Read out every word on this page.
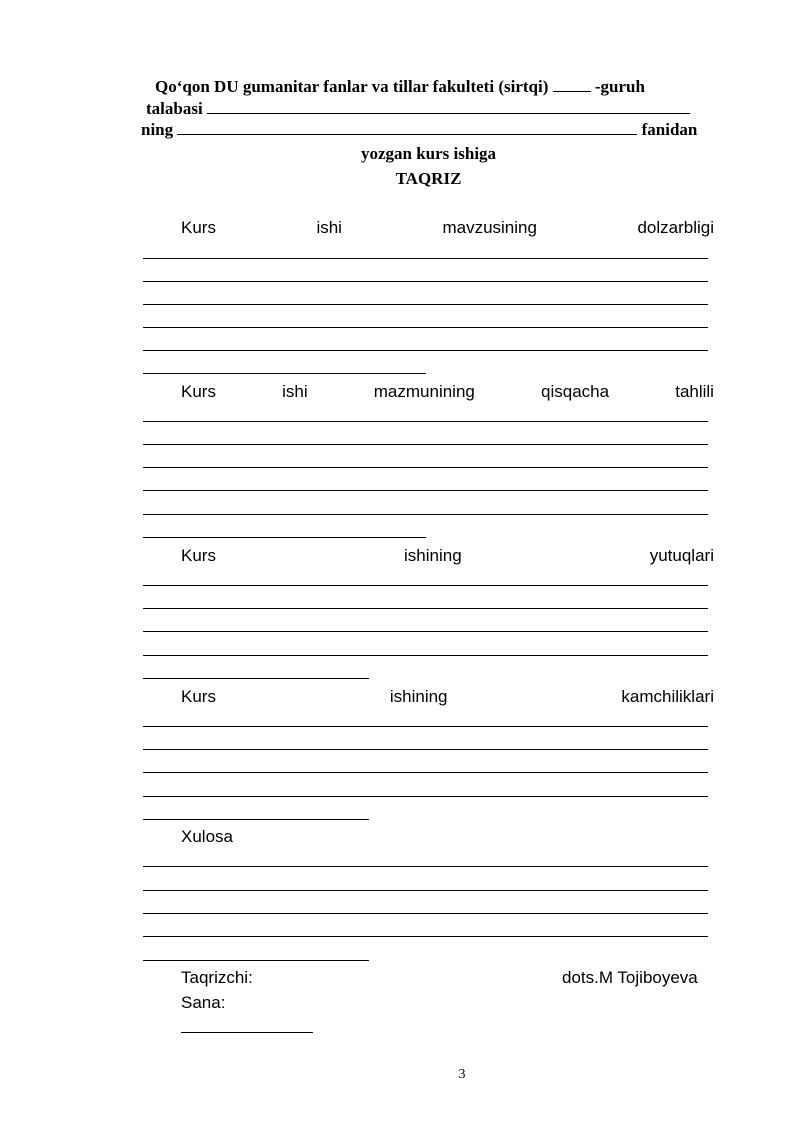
Qo‘qon DU gumanitar fanlar va tillar fakulteti (sirtqi)	-guruh
talabasi
ning	fanidan
yozgan kurs ishiga
TAQRIZ
Kurs	ishi	mavzusining	dolzarbligi
Kurs	ishi	mazmunining	qisqacha	tahlili
Kurs	ishining	yutuqlari
Kurs	ishining	kamchiliklari
Xulosa
Taqrizchi:	dots.M Tojiboyeva
Sana:
3
